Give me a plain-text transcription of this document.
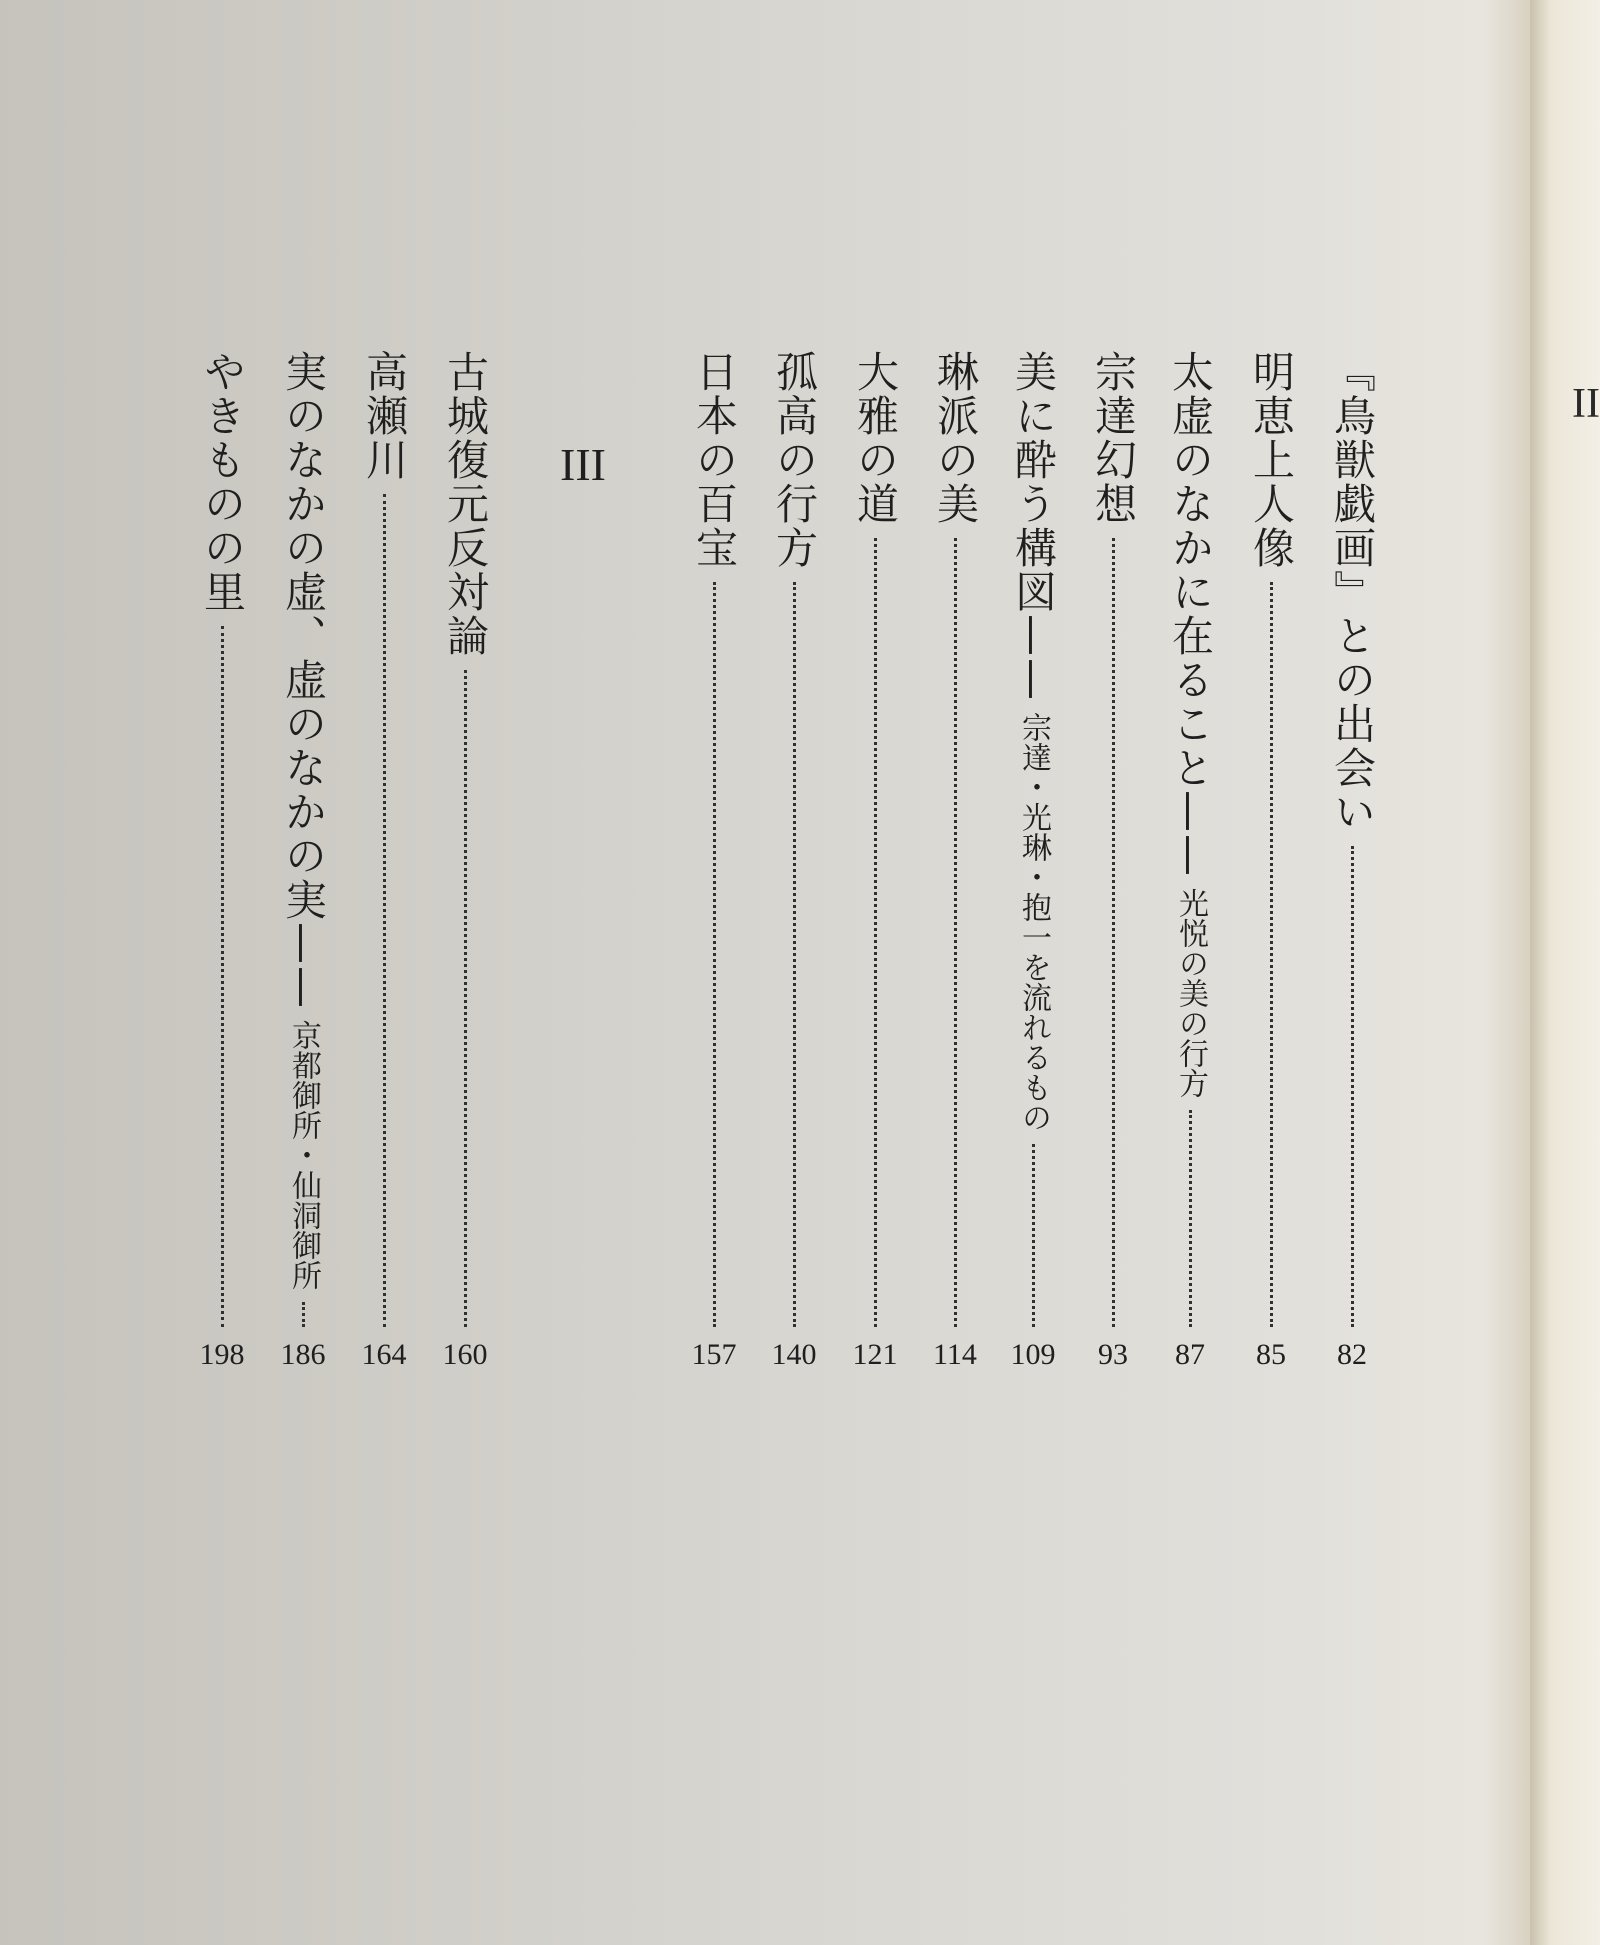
II
『鳥獣戯画』との出会い
82
明恵上人像
85
太虚のなかに在ること——
光悦の美の行方
87
宗達幻想
93
美に酔う構図——
宗達・光琳・抱一を流れるもの
109
琳派の美
114
大雅の道
121
孤高の行方
140
日本の百宝
157
III
古城復元反対論
160
高瀬川
164
実のなかの虚、虚のなかの実——
京都御所・仙洞御所
186
やきものの里
198
